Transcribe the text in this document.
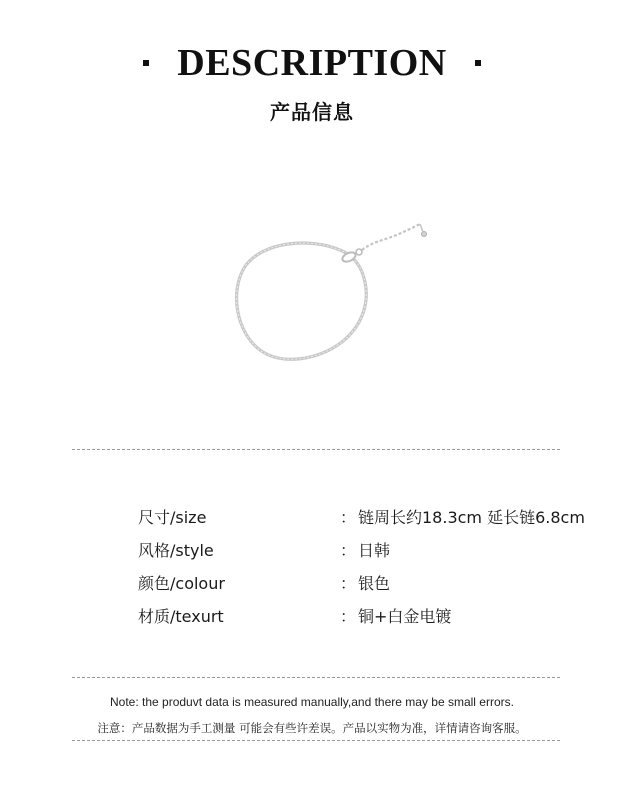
DESCRIPTION
产品信息
尺寸/size	： 链周长约18.3cm 延长链6.8cm
风格/style	： 日韩
颜色/colour	： 银色
材质/texurt	： 铜+白金电镀
Note: the produvt data is measured manually,and there may be small errors.
注意：产品数据为手工测量 可能会有些许差误。产品以实物为准，详情请咨询客服。
